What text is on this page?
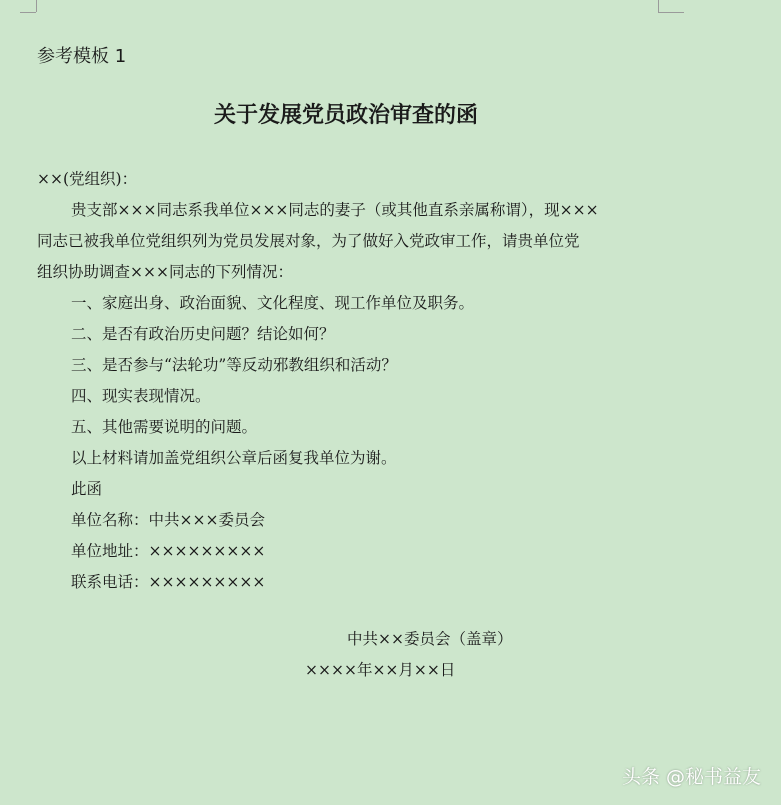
参考模板 1
关于发展党员政治审查的函

××(党组织)：

贵支部×××同志系我单位×××同志的妻子（或其他直系亲属称谓），现×××

同志已被我单位党组织列为党员发展对象，为了做好入党政审工作，请贵单位党

组织协助调查×××同志的下列情况：

一、家庭出身、政治面貌、文化程度、现工作单位及职务。

二、是否有政治历史问题？结论如何？

三、是否参与“法轮功”等反动邪教组织和活动？

四、现实表现情况。

五、其他需要说明的问题。

以上材料请加盖党组织公章后函复我单位为谢。

此函

单位名称：中共×××委员会

单位地址：×××××××××

联系电话：×××××××××

中共××委员会（盖章）
××××年××月××日
头条 @秘书益友
